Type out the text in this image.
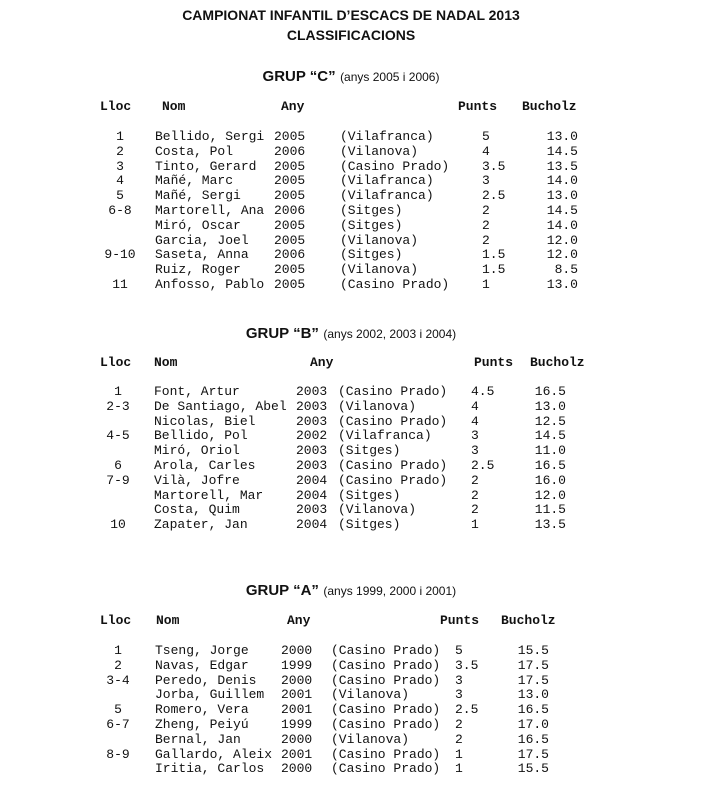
CAMPIONAT INFANTIL D’ESCACS DE NADAL 2013
CLASSIFICACIONS
GRUP “C” (anys 2005 i 2006)
Lloc Nom	Any	Punts Bucholz
1	Bellido, Sergi 2005	(Vilafranca)	5	13.0
2	Costa, Pol	2006	(Vilanova)	4	14.5
3	Tinto, Gerard 2005	(Casino Prado)	3.5	13.5
4	Mañé, Marc	2005	(Vilafranca)	3	14.0
5	Mañé, Sergi	2005	(Vilafranca)	2.5	13.0
6-8	Martorell, Ana 2006	(Sitges)	2	14.5
Miró, Oscar	2005	(Sitges)	2	14.0
Garcia, Joel 2005	(Vilanova)	2	12.0
9-10	Saseta, Anna 2006	(Sitges)	1.5	12.0
Ruiz, Roger	2005	(Vilanova)	1.5	8.5
11	Anfosso, Pablo 2005	(Casino Prado)	1	13.0
GRUP “B” (anys 2002, 2003 i 2004)
Lloc Nom	Any	Punts Bucholz
1	Font, Artur	2003 (Casino Prado) 4.5	16.5
2-3	De Santiago, Abel 2003 (Vilanova)	4	13.0
Nicolas, Biel	2003 (Casino Prado) 4	12.5
4-5	Bellido, Pol	2002 (Vilafranca)	3	14.5
Miró, Oriol	2003 (Sitges)	3	11.0
6	Arola, Carles	2003 (Casino Prado) 2.5	16.5
7-9	Vilà, Jofre	2004 (Casino Prado) 2	16.0
Martorell, Mar	2004 (Sitges)	2	12.0
Costa, Quim	2003 (Vilanova)	2	11.5
10	Zapater, Jan	2004 (Sitges)	1	13.5
GRUP “A” (anys 1999, 2000 i 2001)
Lloc Nom	Any	Punts Bucholz
1	Tseng, Jorge 2000 (Casino Prado) 5	15.5
2	Navas, Edgar 1999 (Casino Prado) 3.5	17.5
3-4	Peredo, Denis 2000 (Casino Prado) 3	17.5
Jorba, Guillem 2001 (Vilanova)	3	13.0
5	Romero, Vera 2001 (Casino Prado) 2.5	16.5
6-7	Zheng, Peiyú 1999 (Casino Prado) 2	17.0
Bernal, Jan	2000 (Vilanova)	2	16.5
8-9	Gallardo, Aleix 2001 (Casino Prado) 1	17.5
Iritia, Carlos 2000 (Casino Prado) 1	15.5
